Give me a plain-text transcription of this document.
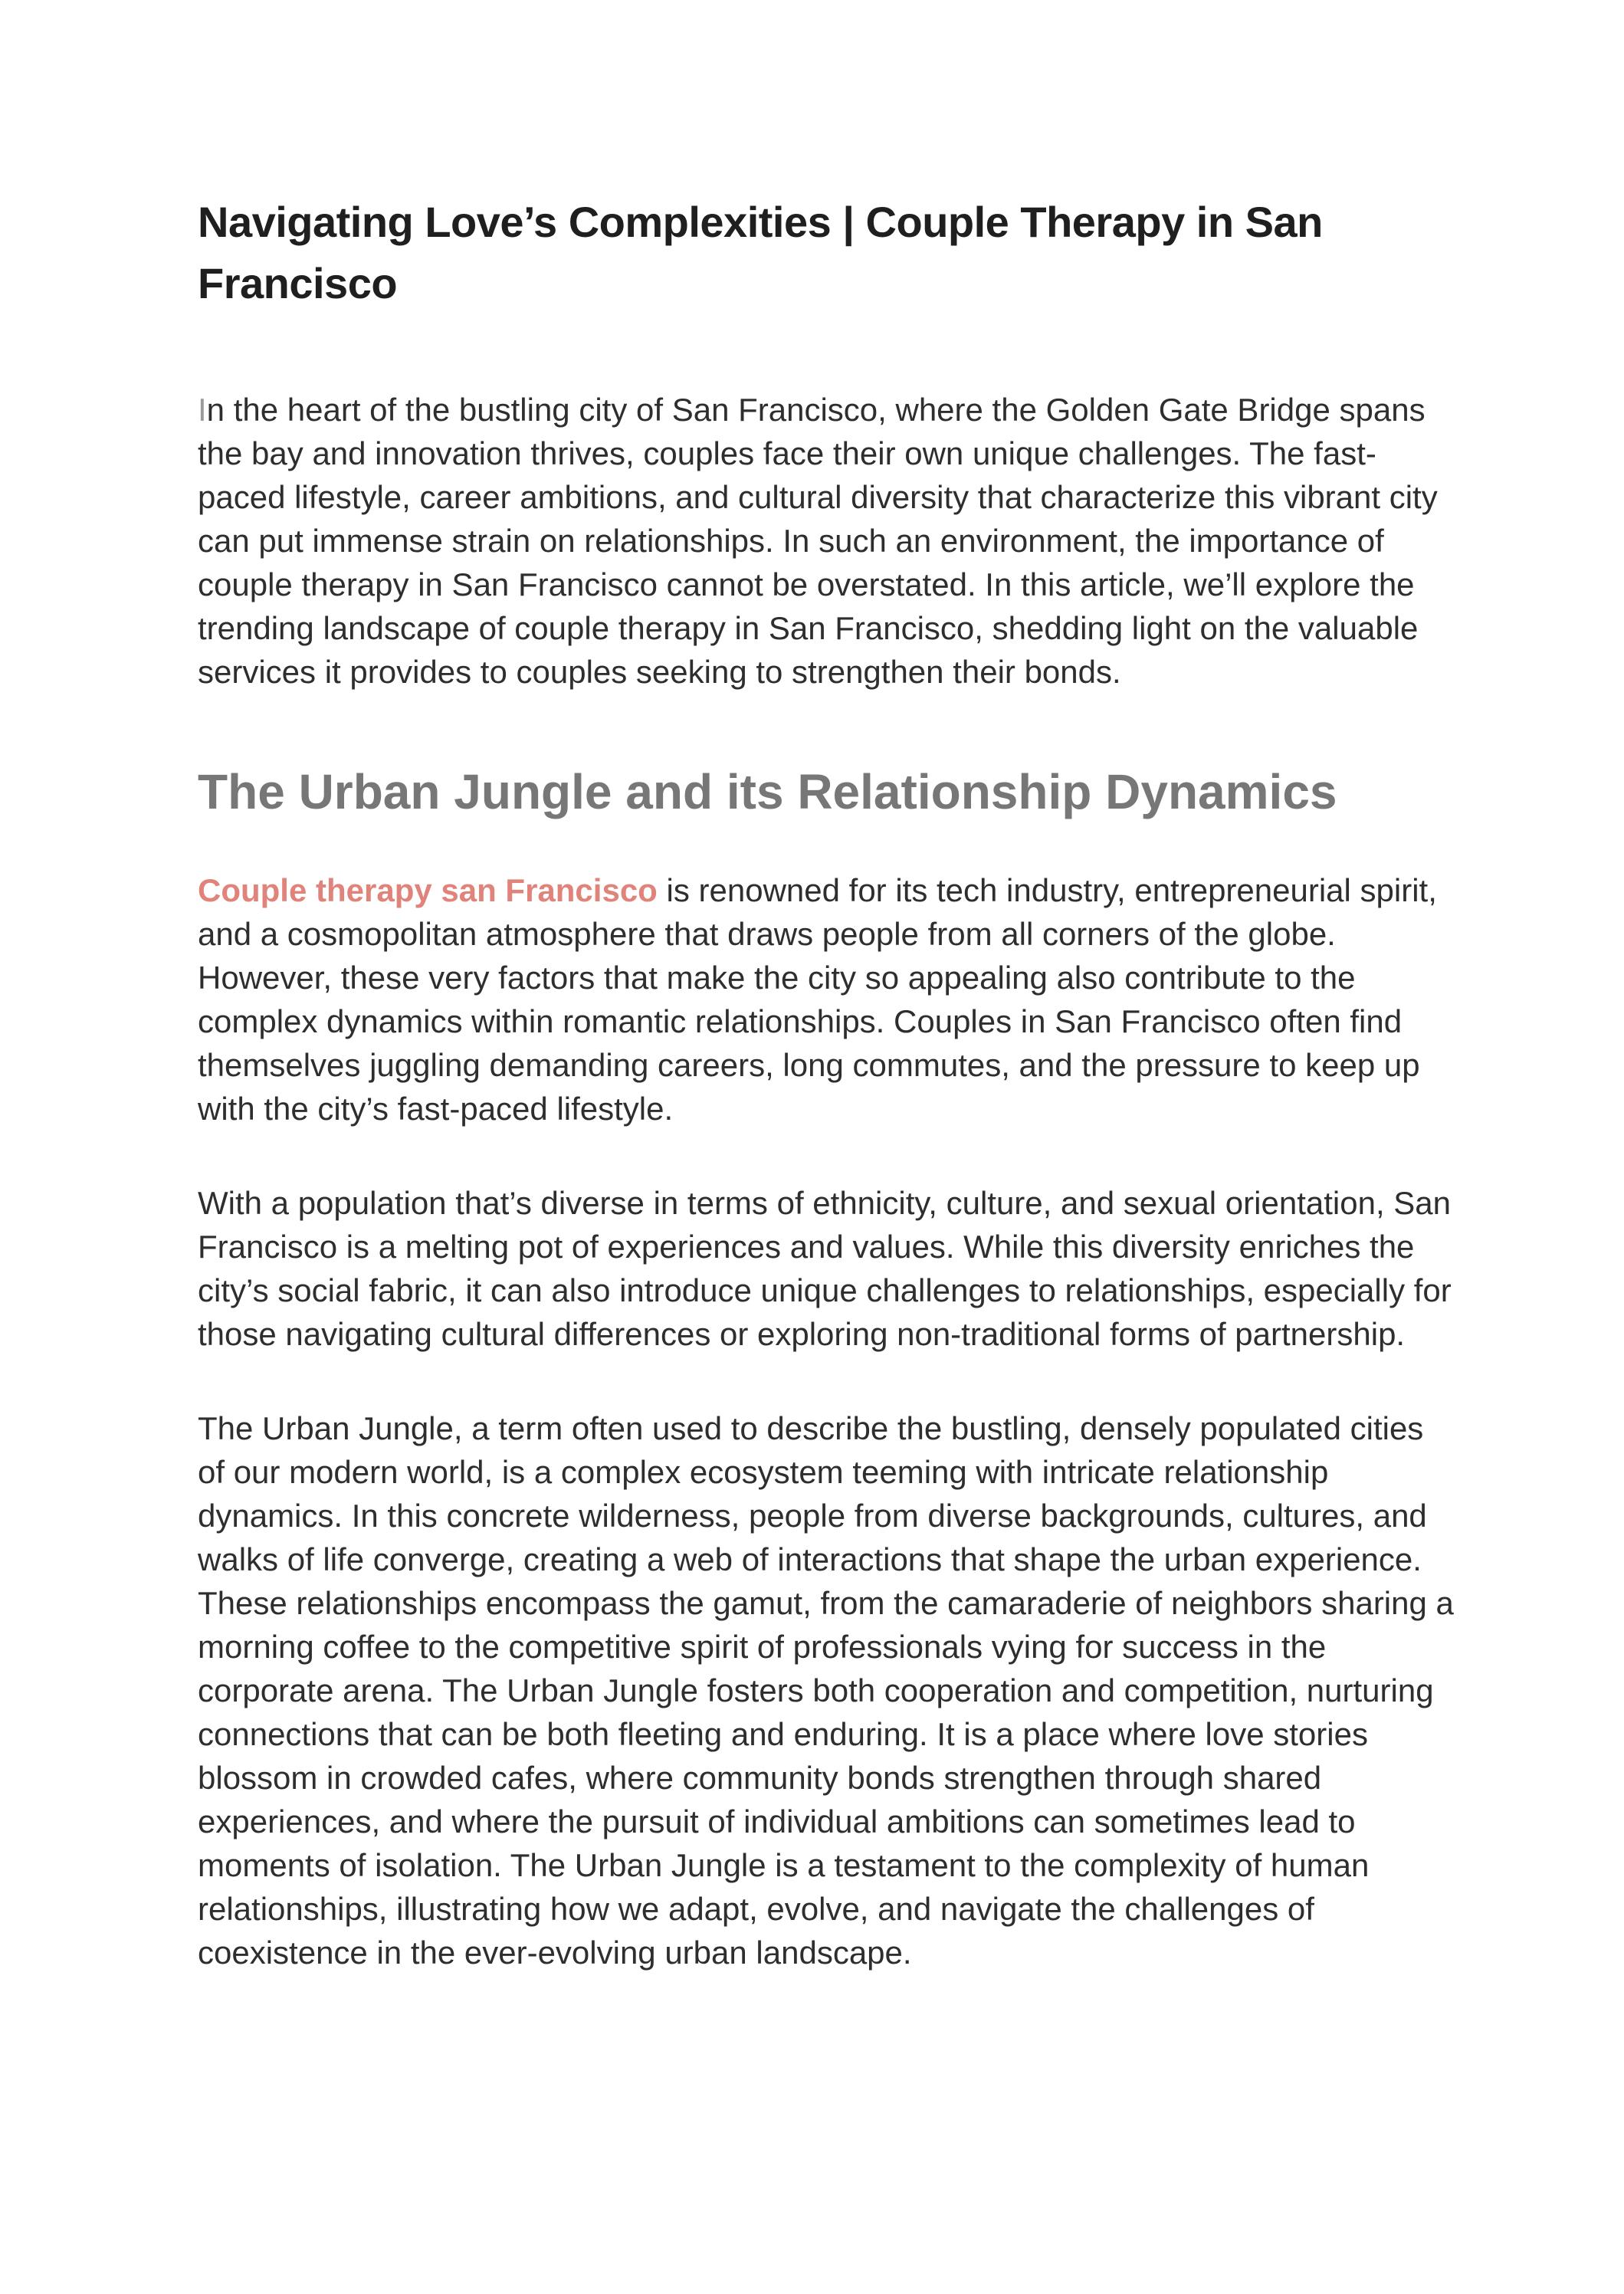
Navigating Love’s Complexities | Couple Therapy in San Francisco

In the heart of the bustling city of San Francisco, where the Golden Gate Bridge spans the bay and innovation thrives, couples face their own unique challenges. The fast-paced lifestyle, career ambitions, and cultural diversity that characterize this vibrant city can put immense strain on relationships. In such an environment, the importance of couple therapy in San Francisco cannot be overstated. In this article, we’ll explore the trending landscape of couple therapy in San Francisco, shedding light on the valuable services it provides to couples seeking to strengthen their bonds.

The Urban Jungle and its Relationship Dynamics

Couple therapy san Francisco is renowned for its tech industry, entrepreneurial spirit, and a cosmopolitan atmosphere that draws people from all corners of the globe. However, these very factors that make the city so appealing also contribute to the complex dynamics within romantic relationships. Couples in San Francisco often find themselves juggling demanding careers, long commutes, and the pressure to keep up with the city’s fast-paced lifestyle.

With a population that’s diverse in terms of ethnicity, culture, and sexual orientation, San Francisco is a melting pot of experiences and values. While this diversity enriches the city’s social fabric, it can also introduce unique challenges to relationships, especially for those navigating cultural differences or exploring non-traditional forms of partnership.

The Urban Jungle, a term often used to describe the bustling, densely populated cities of our modern world, is a complex ecosystem teeming with intricate relationship dynamics. In this concrete wilderness, people from diverse backgrounds, cultures, and walks of life converge, creating a web of interactions that shape the urban experience. These relationships encompass the gamut, from the camaraderie of neighbors sharing a morning coffee to the competitive spirit of professionals vying for success in the corporate arena. The Urban Jungle fosters both cooperation and competition, nurturing connections that can be both fleeting and enduring. It is a place where love stories blossom in crowded cafes, where community bonds strengthen through shared experiences, and where the pursuit of individual ambitions can sometimes lead to moments of isolation. The Urban Jungle is a testament to the complexity of human relationships, illustrating how we adapt, evolve, and navigate the challenges of coexistence in the ever-evolving urban landscape.
